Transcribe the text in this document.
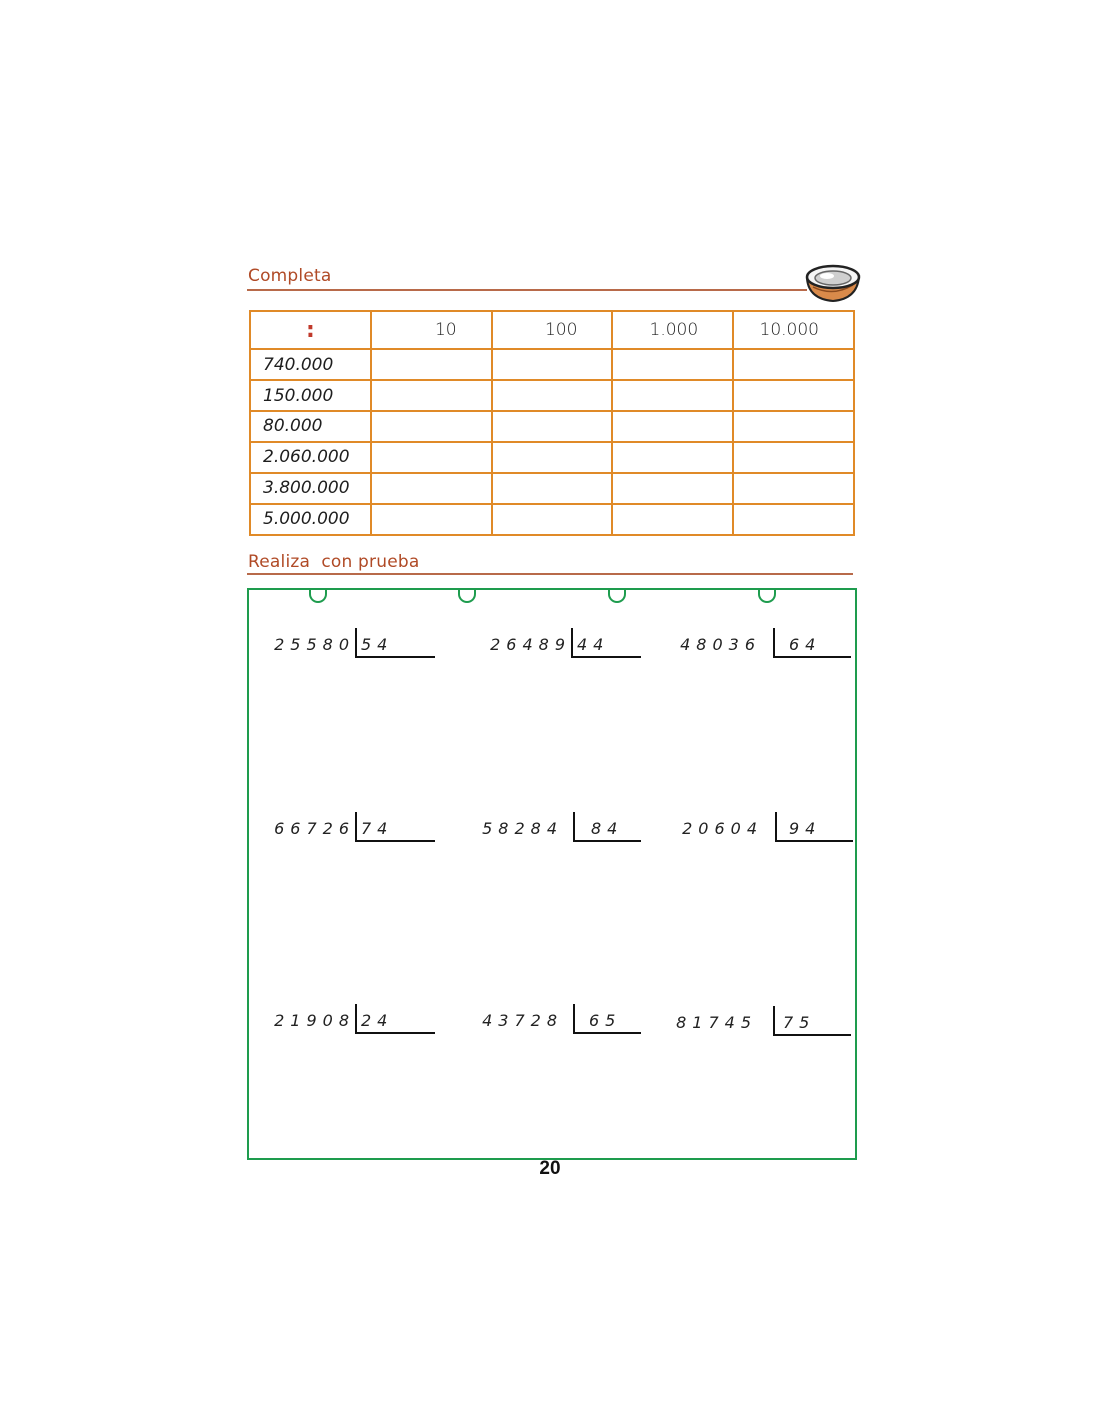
Completa
:	10	100	1.000	10.000
740.000				
150.000				
80.000				
2.060.000				
3.800.000				
5.000.000				
Realiza  con prueba
25580 54	26489 44	48036 64
66726 74	58284 84	20604 94
21908 24	43728 65	81745 75
20
